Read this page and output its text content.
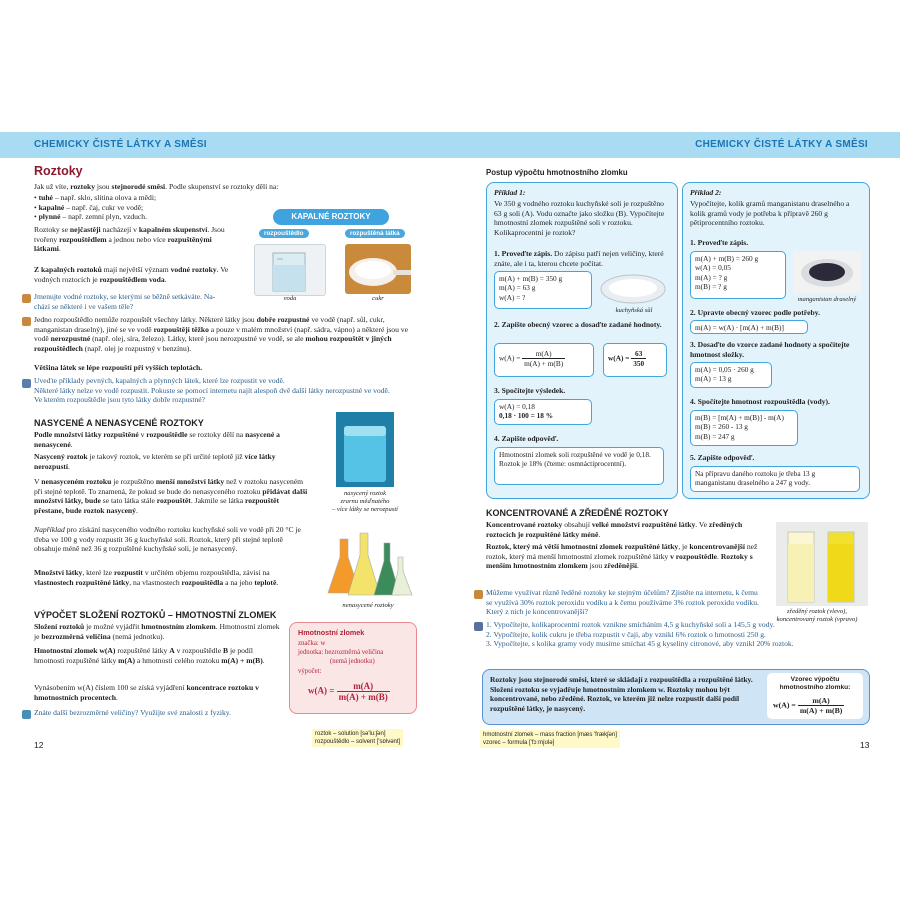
CHEMICKY ČISTÉ LÁTKY A SMĚSI
Roztoky
Jak už víte, roztoky jsou stejnorodé směsi. Podle skupenství se roztoky dělí na:
• tuhé – např. sklo, slitina olova a mědi;
• kapalné – např. čaj, cukr ve vodě;
• plynné – např. zemní plyn, vzduch.
Roztoky se nejčastěji nacházejí v kapalném skupenství. Jsou tvořeny rozpouštědlem a jednou nebo více rozpuštěnými látkami.
Z kapalných roztoků mají největší význam vodné roztoky. Ve vodných roztocích je rozpouštědlem voda.
Jmenujte vodné roztoky, se kterými se běžně setkáváte. Na-
chází se některé i ve vašem těle?
KAPALNÉ ROZTOKY
rozpouštědlo	rozpuštěná látka
voda	cukr
Jedno rozpouštědlo nemůže rozpouštět všechny látky. Některé látky jsou dobře rozpustné ve vodě (např. sůl, cukr, manganistan draselný), jiné se ve vodě rozpouštějí těžko a pouze v malém množství (např. sádra, vápno) a některé jsou ve vodě nerozpustné (např. olej, síra, železo). Látky, které jsou nerozpustné ve vodě, se ale mohou rozpouštět v jiných rozpouštědlech (např. olej je rozpustný v benzínu).
Většina látek se lépe rozpouští při vyšších teplotách.
Uveďte příklady pevných, kapalných a plynných látek, které lze rozpustit ve vodě.
Některé látky nelze ve vodě rozpustit. Pokuste se pomocí internetu najít alespoň dvě další látky nerozpustné ve vodě.
Ve kterém rozpouštědle jsou tyto látky dobře rozpustné?
NASYCENÉ A NENASYCENÉ ROZTOKY
Podle množství látky rozpuštěné v rozpouštědle se roztoky dělí na nasycené a nenasycené.
Nasycený roztok je takový roztok, ve kterém se při určité teplotě již více látky nerozpustí.
V nenasyceném roztoku je rozpuštěno menší množství látky než v roztoku nasyceném při stejné teplotě. To znamená, že pokud se bude do nenasyceného roztoku přidávat další množství látky, bude se tato látka stále rozpouštět. Jakmile se látka rozpouštět přestane, bude roztok nasycený.
Například pro získání nasyceného vodného roztoku kuchyňské soli ve vodě při 20 °C je třeba ve 100 g vody rozpustit 36 g kuchyňské soli. Roztok, který při stejné teplotě obsahuje méně než 36 g rozpuštěné kuchyňské soli, je nenasycený.
Množství látky, které lze rozpustit v určitém objemu rozpouštědla, závisí na vlastnostech rozpuštěné látky, na vlastnostech rozpouštědla a na jeho teplotě.
nasycený roztok
zrarnu měďnatého
– více látky se nerozpustí
nenasycené roztoky
VÝPOČET SLOŽENÍ ROZTOKŮ – HMOTNOSTNÍ ZLOMEK
Složení roztoků je možné vyjádřit hmotnostním zlomkem. Hmotnostní zlomek je bezrozměrná veličina (nemá jednotku).
Hmotnostní zlomek w(A) rozpuštěné látky A v rozpouštědle B je podíl hmotnosti rozpuštěné látky m(A) a hmotnosti celého roztoku m(A) + m(B).
Vynásobením w(A) číslem 100 se získá vyjádření koncentrace roztoku v hmotnostních procentech.
Znáte další bezrozměrné veličiny? Využijte své znalosti z fyziky.
Hmotnostní zlomek
značka: w
jednotka: bezrozměrná veličina
(nemá jednotku)
výpočet:
$w(A) = \frac{m(A)}{m(A) + m(B)}$
roztok – solution [sə'lu:ʃən]
rozpouštědlo – solvent ['sɒlvənt]
12
CHEMICKY ČISTÉ LÁTKY A SMĚSI
Postup výpočtu hmotnostního zlomku
Příklad 1:
Ve 350 g vodného roztoku kuchyňské soli je rozpuštěno 63 g soli (A). Vodu označte jako složku (B). Vypočítejte hmotnostní zlomek rozpuštěné soli v roztoku. Kolikaprocentní je roztok?
1. Proveďte zápis. Do zápisu patří nejen veličiny, které znáte, ale i ta, kterou chcete počítat.
m(A) + m(B) = 350 g
m(A) = 63 g
w(A) = ?
kuchyňská sůl
2. Zapište obecný vzorec a dosaďte zadané hodnoty.
$w(A) = \frac{m(A)}{m(A) + m(B)}$	$w(A) = \frac{63}{350}$
3. Spočítejte výsledek.
w(A) = 0,18
0,18 · 100 = 18 %
4. Zapište odpověď.
Hmotnostní zlomek soli rozpuštěné ve vodě je 0,18. Roztok je 18% (čteme: osmnáctiprocentní).
Příklad 2:
Vypočítejte, kolik gramů manganistanu draselného a kolik gramů vody je potřeba k přípravě 260 g pětiprocentního roztoku.
1. Proveďte zápis.
m(A) + m(B) = 260 g
w(A) = 0,05
m(A) = ? g
m(B) = ? g
manganistan draselný
2. Upravte obecný vzorec podle potřeby.
m(A) = w(A) · [m(A) + m(B)]
3. Dosaďte do vzorce zadané hodnoty a spočítejte hmotnost složky.
m(A) = 0,05 · 260 g
m(A) = 13 g
4. Spočítejte hmotnost rozpouštědla (vody).
m(B) = [m(A) + m(B)] - m(A)
m(B) = 260 - 13 g
m(B) = 247 g
5. Zapište odpověď.
Na přípravu daného roztoku je třeba 13 g manganistanu draselného a 247 g vody.
KONCENTROVANÉ A ZŘEDĚNÉ ROZTOKY
Koncentrované roztoky obsahují velké množství rozpuštěné látky. Ve zředěných roztocích je rozpuštěné látky méně.
Roztok, který má větší hmotnostní zlomek rozpuštěné látky, je koncentrovanější než roztok, který má menší hmotnostní zlomek rozpuštěné látky v rozpouštědle. Roztoky s menším hmotnostním zlomkem jsou zředěnější.
zředěný roztok (vlevo),
koncentrovaný roztok (vpravo)
Můžeme využívat různě ředěné roztoky ke stejným účelům? Zjistěte na internetu, k čemu se využívá 30% roztok peroxidu vodíku a k čemu používáme 3% roztok peroxidu vodíku. Který z nich je koncentrovanější?
1. Vypočítejte, kolikaprocentní roztok vznikne smícháním 4,5 g kuchyňské soli a 145,5 g vody.
2. Vypočítejte, kolik cukru je třeba rozpustit v čaji, aby vznikl 6% roztok o hmotnosti 250 g.
3. Vypočítejte, s kolika gramy vody musíme smíchat 45 g kyseliny citronové, aby vznikl 20% roztok.
Roztoky jsou stejnorodé směsi, které se skládají z rozpouštědla a rozpuštěné látky. Složení roztoku se vyjadřuje hmotnostním zlomkem w. Roztoky mohou být koncentrované, nebo zředěné. Roztok, ve kterém již nelze rozpustit další podíl rozpuštěné látky, je nasycený.
Vzorec výpočtu hmotnostního zlomku:
$w(A) = \frac{m(A)}{m(A) + m(B)}$
hmotnostní zlomek – mass fraction [mæs 'frækʃən]
vzorec – formula ['fɔːmjʊlə]	13
